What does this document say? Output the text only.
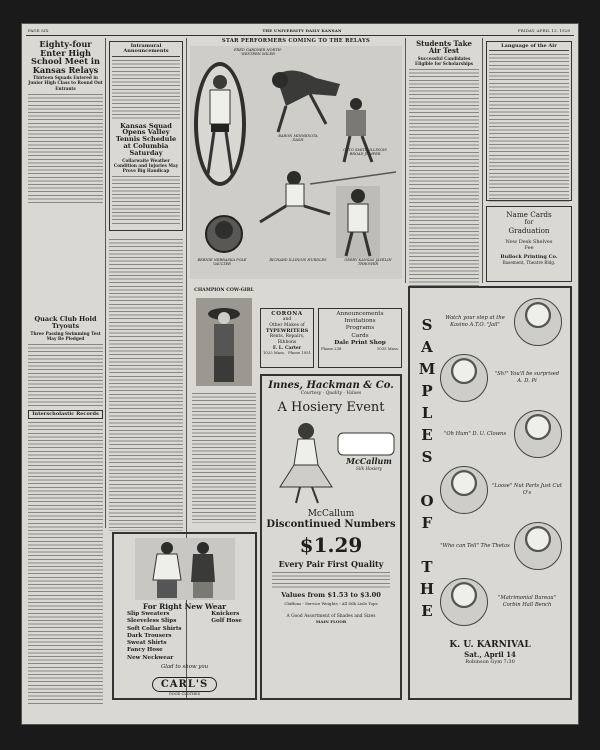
PAGE SIX	THE UNIVERSITY DAILY KANSAN	FRIDAY, APRIL 13, 1928
Eighty-four Enter High School Meet in Kansas Relays
Thirteen Squads Entered in Junior High Class to Round Out Entrants
Quack Club Hold Tryouts
Three Passing Swimming Test May Be Pledged
Interscholastic Records
Intramural Announcements
Kansas Squad Opens Valley Tennis Schedule at Columbia Saturday
Collarwaite Weather Condition and Injuries May Prove Big Handicap
STAR PERFORMERS COMING TO THE RELAYS
FRED GARDNER NORTH-WESTERN MILER
BARON MINNESOTA DASH
OTTO SMITH ILLINOIS BROAD JUMPER
BERNIE NEBRASKA POLE VAULTER
RICHARD ILLINOIS HURDLES	GERRY KANSAS JAVELIN THROWER
CHAMPION COW-GIRL
CORONA
and
Other Makes of
TYPEWRITERS
Rents, Repairs, Ribbons
F. L. Carter
1025 Mass. Phone 1051
Announcements
Invitations
Programs
Cards
Dale Print Shop
Phone 238	1035 Mass.
Innes, Hackman & Co.
Courtesy - Quality - Values
A Hosiery Event
McCallum
Silk Hosiery
McCallum
Discontinued Numbers
$1.29
Every Pair First Quality
Values from $1.53 to $3.00
Chiffons - Service Weights - All Silk Lisle Tops
A Good Assortment of Shades and Sizes
MAIN FLOOR
For Right New Wear
Slip Sweaters
Sleeveless Slips
Soft Collar Shirts
Dark Trousers
Sweat Shirts
Fancy Hose
New Neckwear
Knickers
Golf Hose
Glad to show you
CARL'S
GOOD CLOTHES
Students Take Air Test
Successful Candidates Eligible for Scholarships
Language of the Air
Name Cards
for
Graduation
New Desk Shelves
Fee
Bullock Printing Co.
Basement, Theatre Bldg.
S
A
M
P
L
E
S
O
F
T
H
E
Watch your step at the Kasino A.T.O. "Jail"
"Sh!" You'll be surprised A. D. Pi
"Oh Hum" D. U. Clowns
"Loose" Nut Parts Just Cut O's
"Who can Tell" The Thetas
"Matrimonial Bureau" Corbin Hall Bench
K. U. KARNIVAL
Sat., April 14
Robinson Gym 7:30
